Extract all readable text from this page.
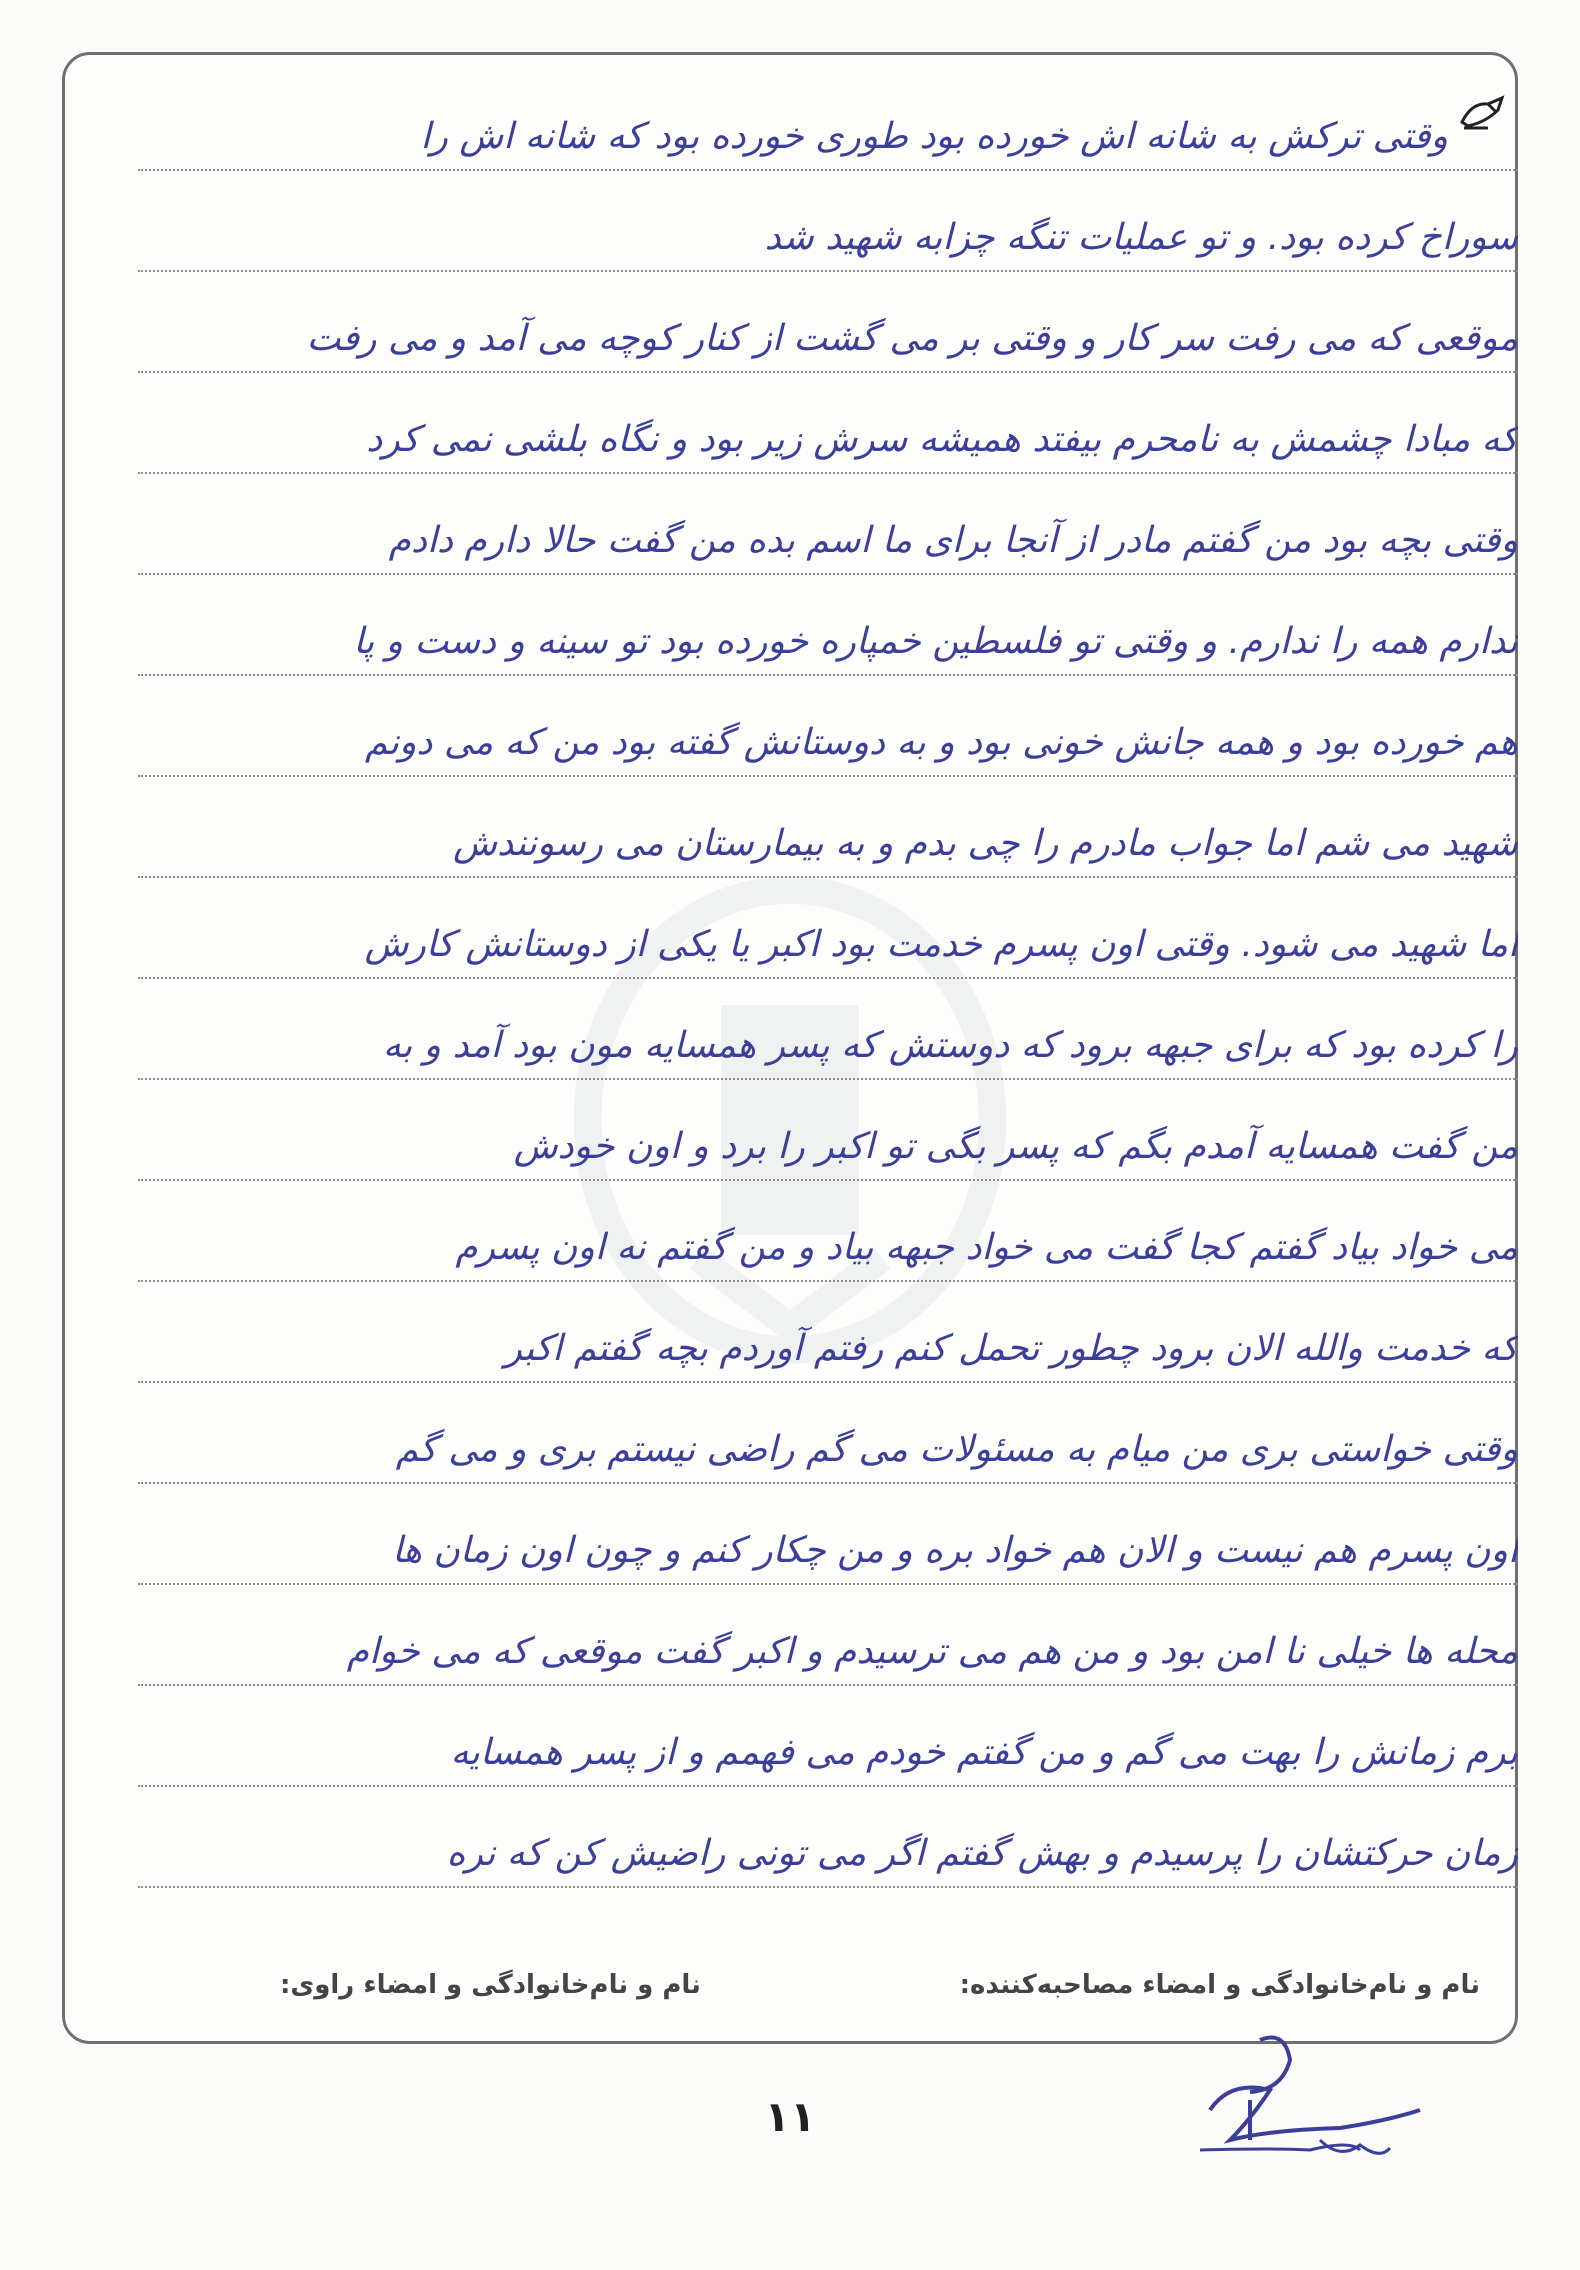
وقتی ترکش به شانه اش خورده بود طوری خورده بود که شانه اش را
سوراخ کرده بود. و تو عملیات تنگه چزابه شهید شد
موقعی که می رفت سر کار و وقتی بر می گشت از کنار کوچه می آمد و می رفت
که مبادا چشمش به نامحرم بیفتد همیشه سرش زیر بود و نگاه بلشی نمی کرد
وقتی بچه بود من گفتم مادر از آنجا برای ما اسم بده من گفت حالا دارم دادم
ندارم همه را ندارم. و وقتی تو فلسطین خمپاره خورده بود تو سینه و دست و پا
هم خورده بود و همه جانش خونی بود و به دوستانش گفته بود من که می دونم
شهید می شم اما جواب مادرم را چی بدم و به بیمارستان می رسونندش
اما شهید می شود. وقتی اون پسرم خدمت بود اکبر یا یکی از دوستانش کارش
را کرده بود که برای جبهه برود که دوستش که پسر همسایه مون بود آمد و به
من گفت همسایه آمدم بگم که پسر بگی تو اکبر را برد و اون خودش
می خواد بیاد گفتم کجا گفت می خواد جبهه بیاد و من گفتم نه اون پسرم
که خدمت والله الان برود چطور تحمل کنم رفتم آوردم بچه گفتم اکبر
وقتی خواستی بری من میام به مسئولات می گم راضی نیستم بری و می گم
اون پسرم هم نیست و الان هم خواد بره و من چکار کنم و چون اون زمان ها
محله ها خیلی نا امن بود و من هم می ترسیدم و اکبر گفت موقعی که می خوام
برم زمانش را بهت می گم و من گفتم خودم می فهمم و از پسر همسایه
زمان حرکتشان را پرسیدم و بهش گفتم اگر می تونی راضیش کن که نره
نام و نام‌خانوادگی و امضاء مصاحبه‌کننده:
نام و نام‌خانوادگی و امضاء راوی:
۱۱
